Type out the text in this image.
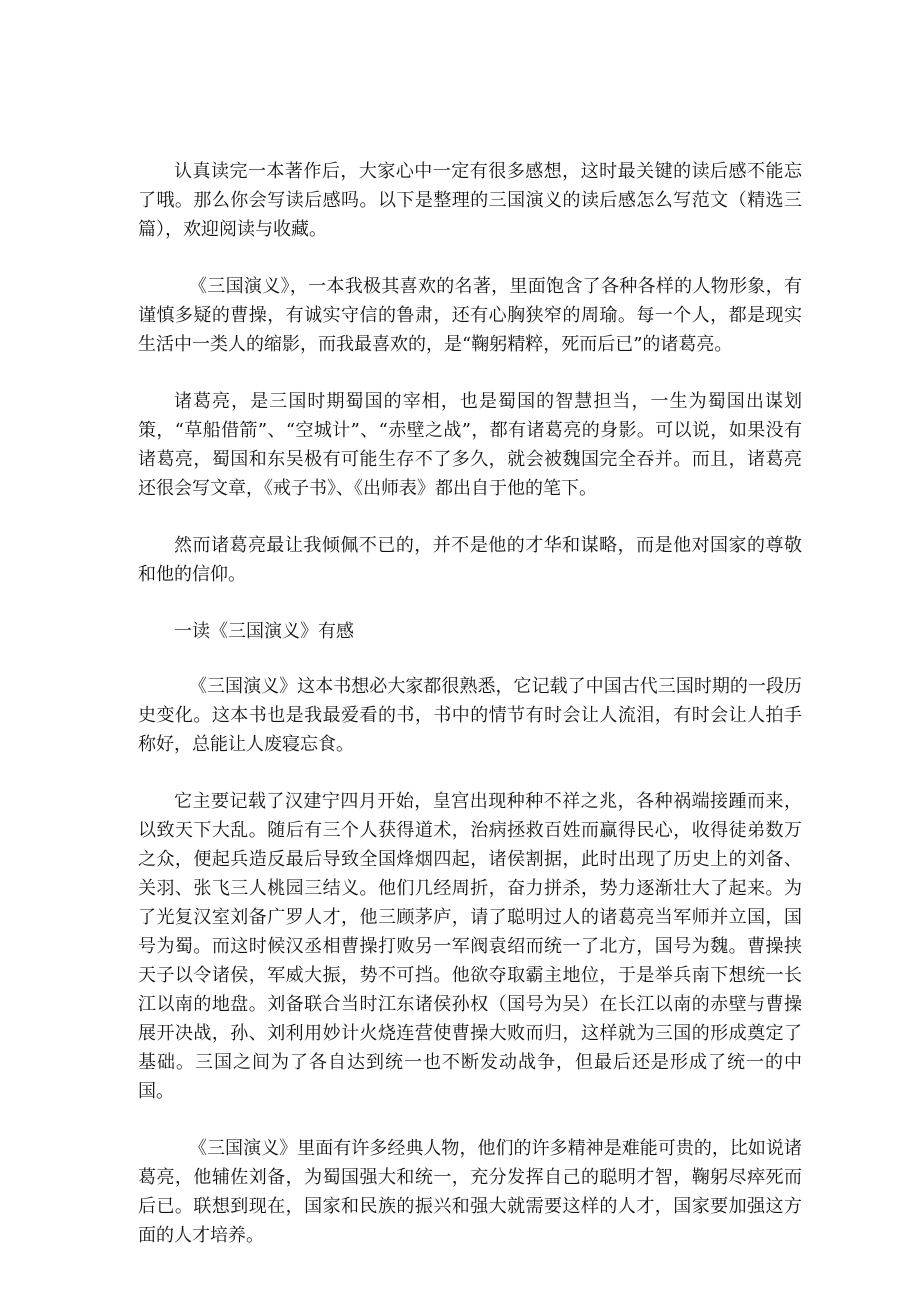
认真读完一本著作后，大家心中一定有很多感想，这时最关键的读后感不能忘了哦。那么你会写读后感吗。以下是整理的三国演义的读后感怎么写范文（精选三篇），欢迎阅读与收藏。

《三国演义》，一本我极其喜欢的名著，里面饱含了各种各样的人物形象，有谨慎多疑的曹操，有诚实守信的鲁肃，还有心胸狭窄的周瑜。每一个人，都是现实生活中一类人的缩影，而我最喜欢的，是“鞠躬精粹，死而后已”的诸葛亮。

诸葛亮，是三国时期蜀国的宰相，也是蜀国的智慧担当，一生为蜀国出谋划策，“草船借箭”、“空城计”、“赤壁之战”，都有诸葛亮的身影。可以说，如果没有诸葛亮，蜀国和东吴极有可能生存不了多久，就会被魏国完全吞并。而且，诸葛亮还很会写文章，《戒子书》、《出师表》都出自于他的笔下。

然而诸葛亮最让我倾佩不已的，并不是他的才华和谋略，而是他对国家的尊敬和他的信仰。

一读《三国演义》有感

《三国演义》这本书想必大家都很熟悉，它记载了中国古代三国时期的一段历史变化。这本书也是我最爱看的书，书中的情节有时会让人流泪，有时会让人拍手称好，总能让人废寝忘食。

它主要记载了汉建宁四月开始，皇宫出现种种不祥之兆，各种祸端接踵而来，以致天下大乱。随后有三个人获得道术，治病拯救百姓而赢得民心，收得徒弟数万之众，便起兵造反最后导致全国烽烟四起，诸侯割据，此时出现了历史上的刘备、关羽、张飞三人桃园三结义。他们几经周折，奋力拼杀，势力逐渐壮大了起来。为了光复汉室刘备广罗人才，他三顾茅庐，请了聪明过人的诸葛亮当军师并立国，国号为蜀。而这时候汉丞相曹操打败另一军阀袁绍而统一了北方，国号为魏。曹操挟天子以令诸侯，军威大振，势不可挡。他欲夺取霸主地位，于是举兵南下想统一长江以南的地盘。刘备联合当时江东诸侯孙权（国号为吴）在长江以南的赤壁与曹操展开决战，孙、刘利用妙计火烧连营使曹操大败而归，这样就为三国的形成奠定了基础。三国之间为了各自达到统一也不断发动战争，但最后还是形成了统一的中国。

《三国演义》里面有许多经典人物，他们的许多精神是难能可贵的，比如说诸葛亮，他辅佐刘备，为蜀国强大和统一，充分发挥自己的聪明才智，鞠躬尽瘁死而后已。联想到现在，国家和民族的振兴和强大就需要这样的人才，国家要加强这方面的人才培养。
